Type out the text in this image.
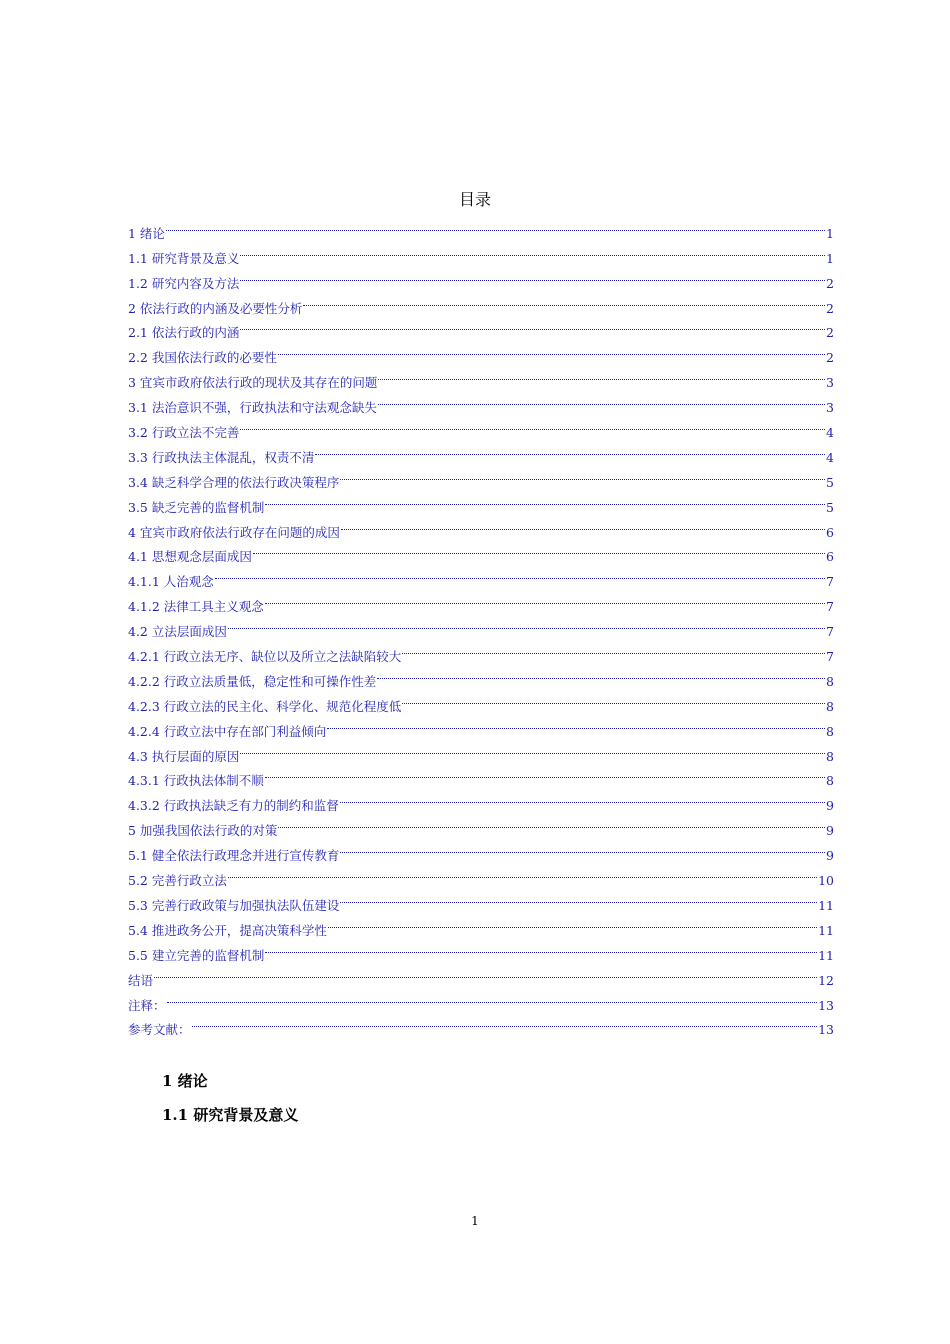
目录
1 绪论	1
1.1 研究背景及意义	1
1.2 研究内容及方法	2
2 依法行政的内涵及必要性分析	2
2.1 依法行政的内涵	2
2.2 我国依法行政的必要性	2
3 宜宾市政府依法行政的现状及其存在的问题	3
3.1 法治意识不强，行政执法和守法观念缺失	3
3.2 行政立法不完善	4
3.3 行政执法主体混乱，权责不清	4
3.4 缺乏科学合理的依法行政决策程序	5
3.5 缺乏完善的监督机制	5
4 宜宾市政府依法行政存在问题的成因	6
4.1 思想观念层面成因	6
4.1.1 人治观念	7
4.1.2 法律工具主义观念	7
4.2 立法层面成因	7
4.2.1 行政立法无序、缺位以及所立之法缺陷较大	7
4.2.2 行政立法质量低，稳定性和可操作性差	8
4.2.3 行政立法的民主化、科学化、规范化程度低	8
4.2.4 行政立法中存在部门利益倾向	8
4.3 执行层面的原因	8
4.3.1 行政执法体制不顺	8
4.3.2 行政执法缺乏有力的制约和监督	9
5 加强我国依法行政的对策	9
5.1 健全依法行政理念并进行宣传教育	9
5.2 完善行政立法	10
5.3 完善行政政策与加强执法队伍建设	11
5.4 推进政务公开，提高决策科学性	11
5.5 建立完善的监督机制	11
结语	12
注释：	13
参考文献：	13
1 绪论
1.1 研究背景及意义
1
